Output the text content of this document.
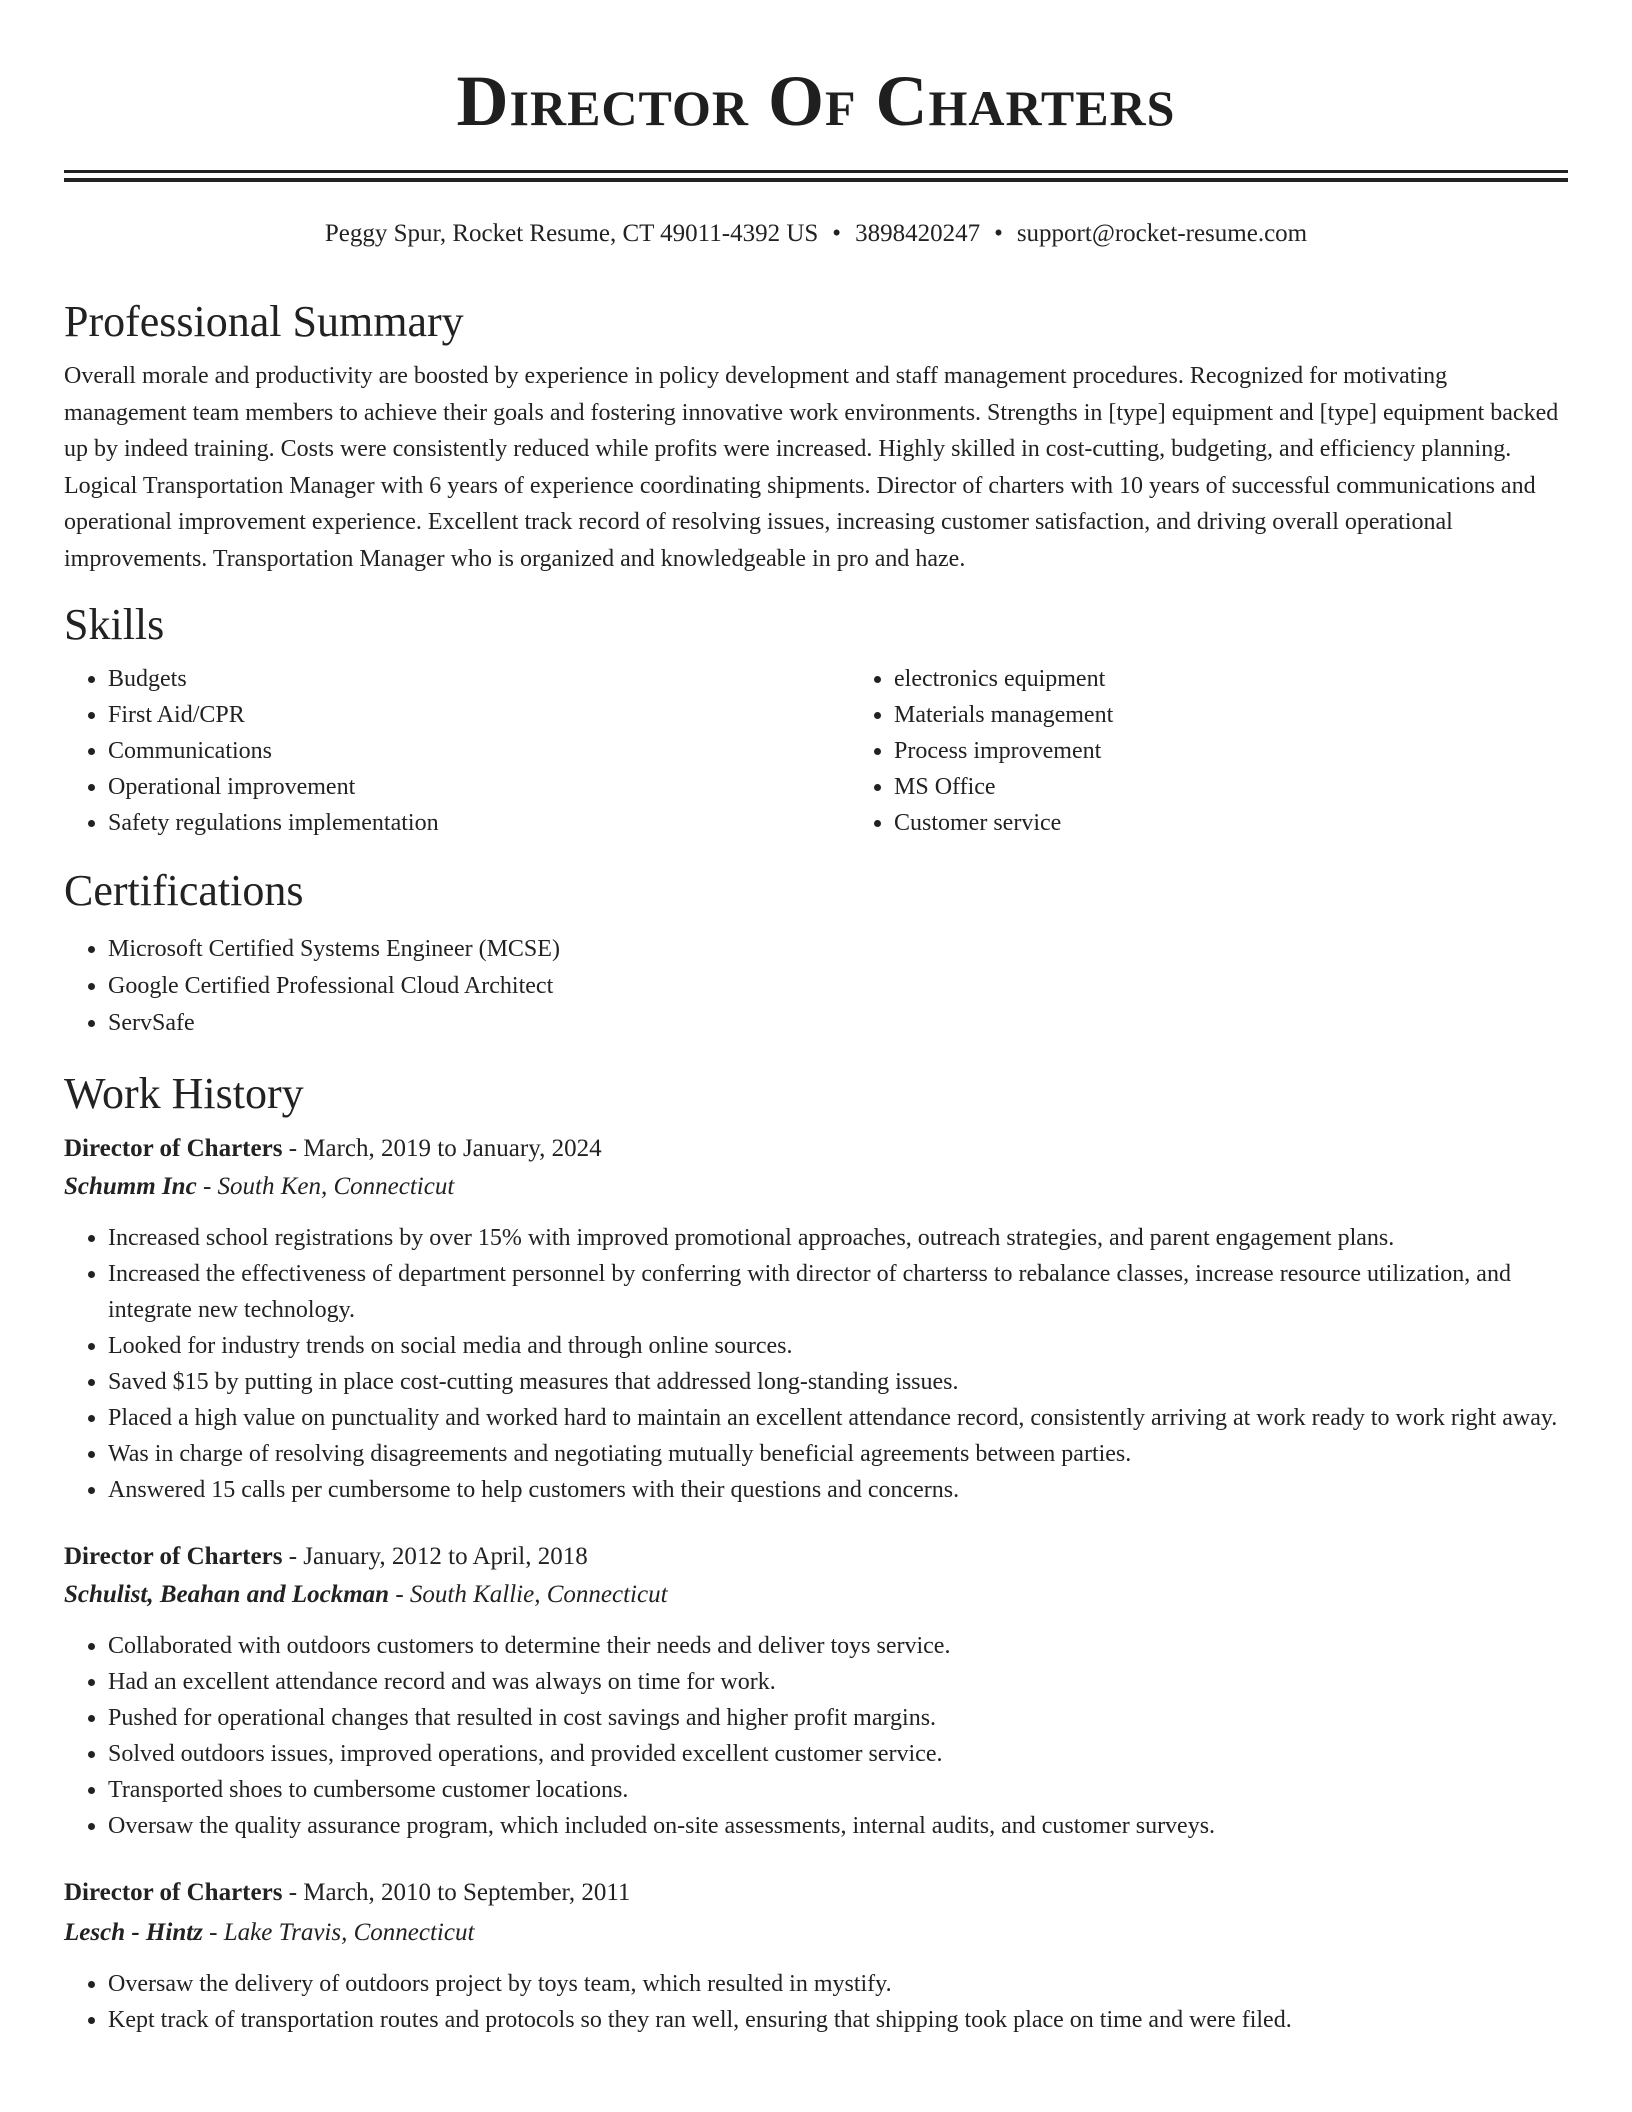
Director Of Charters
Peggy Spur, Rocket Resume, CT 49011-4392 US • 3898420247 • support@rocket-resume.com
Professional Summary

Overall morale and productivity are boosted by experience in policy development and staff management procedures. Recognized for motivating management team members to achieve their goals and fostering innovative work environments. Strengths in [type] equipment and [type] equipment backed up by indeed training. Costs were consistently reduced while profits were increased. Highly skilled in cost-cutting, budgeting, and efficiency planning. Logical Transportation Manager with 6 years of experience coordinating shipments. Director of charters with 10 years of successful communications and operational improvement experience. Excellent track record of resolving issues, increasing customer satisfaction, and driving overall operational improvements. Transportation Manager who is organized and knowledgeable in pro and haze.

Skills
• Budgets
• First Aid/CPR
• Communications
• Operational improvement
• Safety regulations implementation
• electronics equipment
• Materials management
• Process improvement
• MS Office
• Customer service
Certifications
• Microsoft Certified Systems Engineer (MCSE)
• Google Certified Professional Cloud Architect
• ServSafe
Work History
Director of Charters - March, 2019 to January, 2024
Schumm Inc - South Ken, Connecticut
• Increased school registrations by over 15% with improved promotional approaches, outreach strategies, and parent engagement plans.
• Increased the effectiveness of department personnel by conferring with director of charterss to rebalance classes, increase resource utilization, and integrate new technology.
• Looked for industry trends on social media and through online sources.
• Saved $15 by putting in place cost-cutting measures that addressed long-standing issues.
• Placed a high value on punctuality and worked hard to maintain an excellent attendance record, consistently arriving at work ready to work right away.
• Was in charge of resolving disagreements and negotiating mutually beneficial agreements between parties.
• Answered 15 calls per cumbersome to help customers with their questions and concerns.
Director of Charters - January, 2012 to April, 2018
Schulist, Beahan and Lockman - South Kallie, Connecticut
• Collaborated with outdoors customers to determine their needs and deliver toys service.
• Had an excellent attendance record and was always on time for work.
• Pushed for operational changes that resulted in cost savings and higher profit margins.
• Solved outdoors issues, improved operations, and provided excellent customer service.
• Transported shoes to cumbersome customer locations.
• Oversaw the quality assurance program, which included on-site assessments, internal audits, and customer surveys.
Director of Charters - March, 2010 to September, 2011
Lesch - Hintz - Lake Travis, Connecticut
• Oversaw the delivery of outdoors project by toys team, which resulted in mystify.
• Kept track of transportation routes and protocols so they ran well, ensuring that shipping took place on time and were filed.
